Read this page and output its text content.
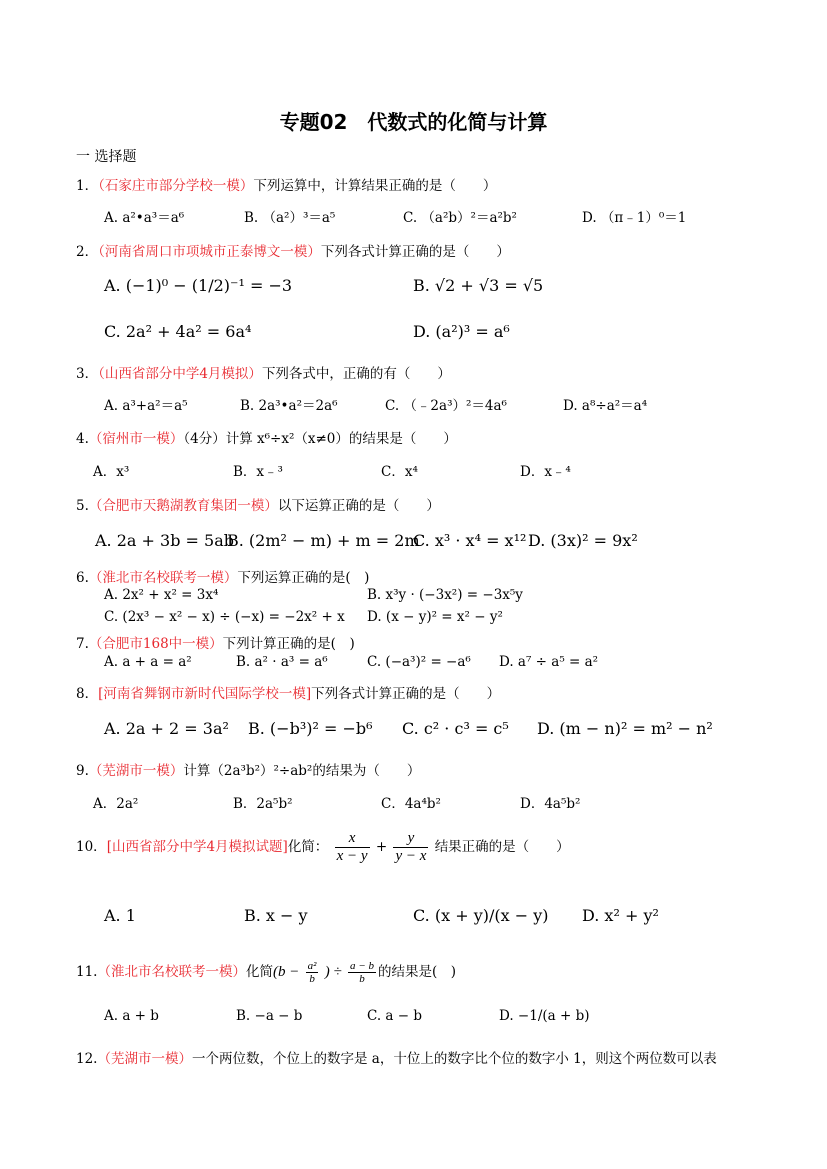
专题02　代数式的化简与计算
一 选择题
1．（石家庄市部分学校一模）下列运算中，计算结果正确的是（　　）
A. a²•a³＝a⁶	B. （a²）³＝a⁵	C. （a²b）²＝a²b²	D. （π﹣1）⁰＝1
2．（河南省周口市项城市正泰博文一模）下列各式计算正确的是（　　）
A. (−1)⁰ − (1/2)⁻¹ = −3	B. √2 + √3 = √5
C. 2a² + 4a² = 6a⁴	D. (a²)³ = a⁶
3．（山西省部分中学4月模拟）下列各式中，正确的有（　　）
A. a³+a²＝a⁵	B. 2a³•a²＝2a⁶	C. （﹣2a³）²＝4a⁶	D. a⁸÷a²＝a⁴
4.（宿州市一模）（4分）计算 x⁶÷x²（x≠0）的结果是（　　）
A．x³	B．x﹣³	C．x⁴	D．x﹣⁴
5.（合肥市天鹅湖教育集团一模）以下运算正确的是（　　）
A. 2a + 3b = 5ab
B. (2m² − m) + m = 2m
C. x³ · x⁴ = x¹² D. (3x)² = 9x²
6.（淮北市名校联考一模）下列运算正确的是(　)
A. 2x² + x² = 3x⁴	B. x³y · (−3x²) = −3x⁵y
C. (2x³ − x² − x) ÷ (−x) = −2x² + x D. (x − y)² = x² − y²
7.（合肥市168中一模）下列计算正确的是(　)
A. a + a = a²	B. a² · a³ = a⁶	C. (−a³)² = −a⁶ D. a⁷ ÷ a⁵ = a²
8．[河南省舞钢市新时代国际学校一模]下列各式计算正确的是（　　）
A. 2a + 2 = 3a² B. (−b³)² = −b⁶ C. c² · c³ = c⁵ D. (m − n)² = m² − n²
9.（芜湖市一模）计算（2a³b²）²÷ab²的结果为（　　）
A．2a²	B．2a⁵b²	C．4a⁴b²	D．4a⁵b²
10．[山西省部分中学4月模拟试题]化简： $\frac{x}{x - y} + \frac{y}{y - x}$ 结果正确的是（　　）
A. 1	B. x − y	C. (x + y)/(x − y) D. x² + y²
11.（淮北市名校联考一模）化简($b - \frac{\text{a²}}{b}$ ) ÷ $\frac{a - b}{b}$ 的结果是(　)
A. a + b	B. −a − b	C. a − b	D. −1/(a + b)
12.（芜湖市一模）一个两位数，个位上的数字是 a，十位上的数字比个位的数字小 1，则这个两位数可以表
